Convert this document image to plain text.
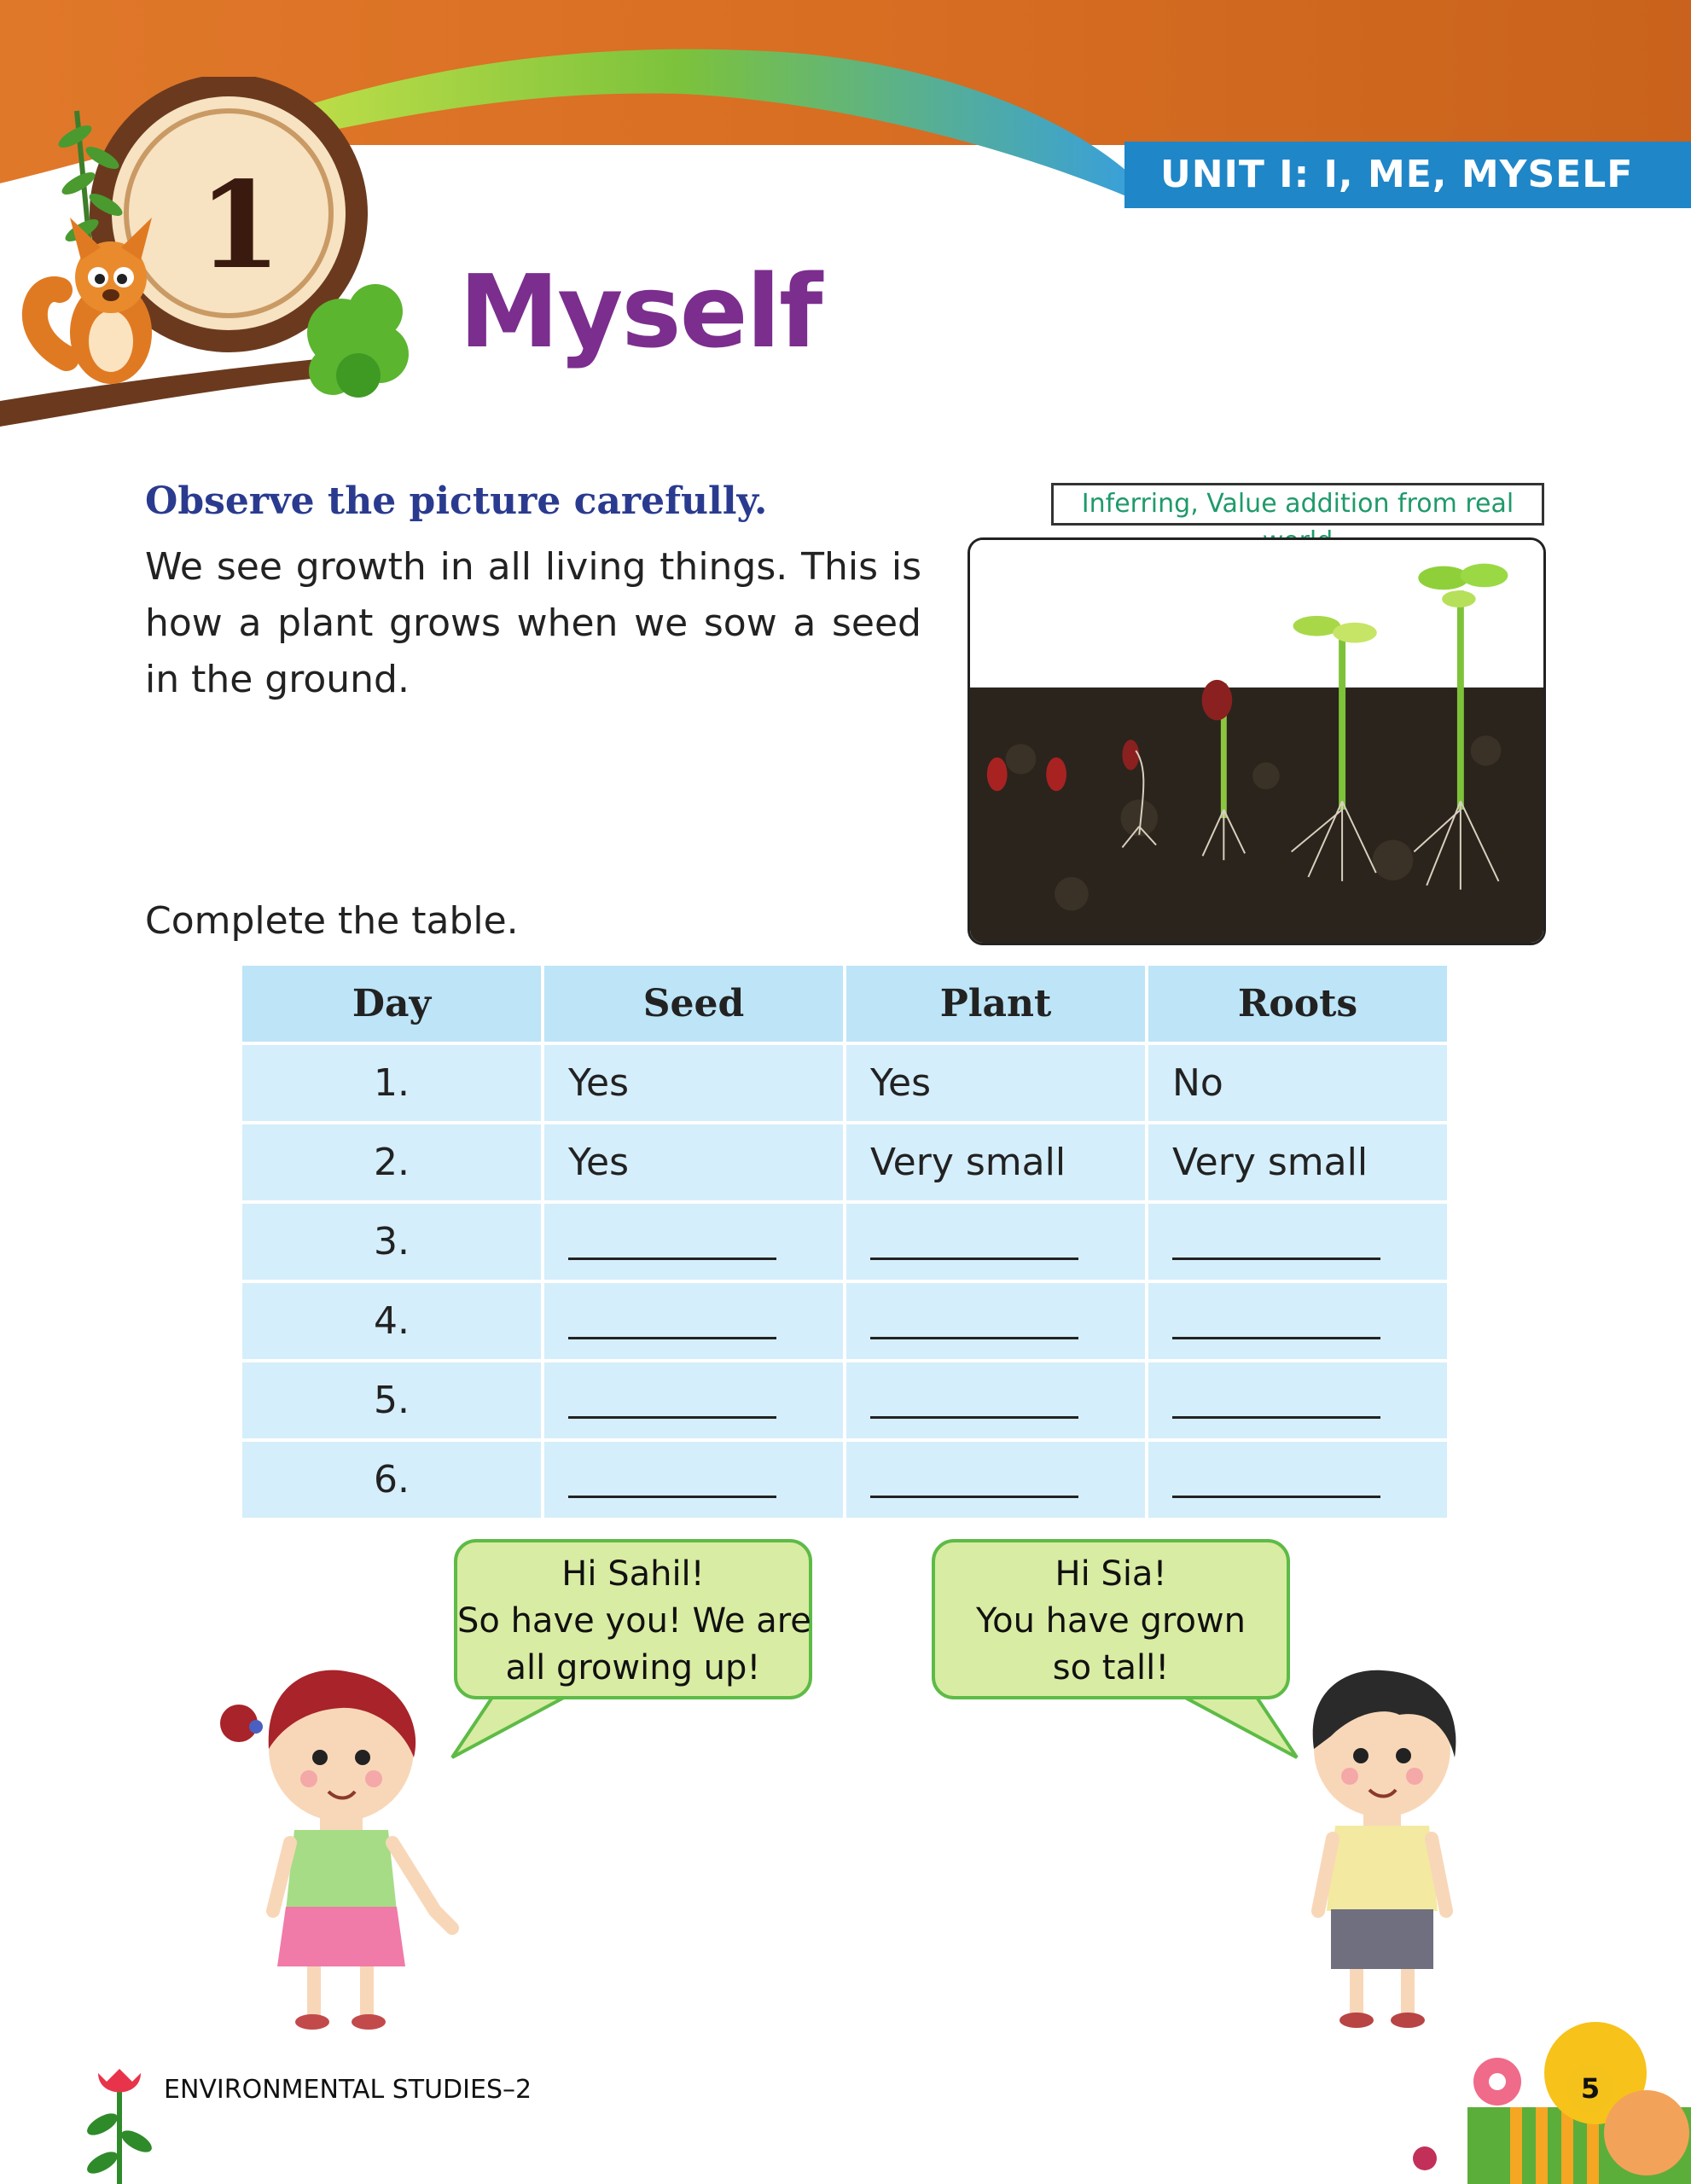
UNIT I: I, ME, MYSELF
1
Myself
Observe the picture carefully.
We see growth in all living things. This is how a plant grows when we sow a seed in the ground.
Inferring, Value addition from real
Complete the table.
Day	Seed	Plant	Roots
1.	Yes	Yes	No
2.	Yes	Very small	Very small
3.			
4.			
5.			
6.			
Hi Sahil!
So have you! We are
all growing up!
Hi Sia!
You have grown
so tall!
ENVIRONMENTAL STUDIES–2	5
